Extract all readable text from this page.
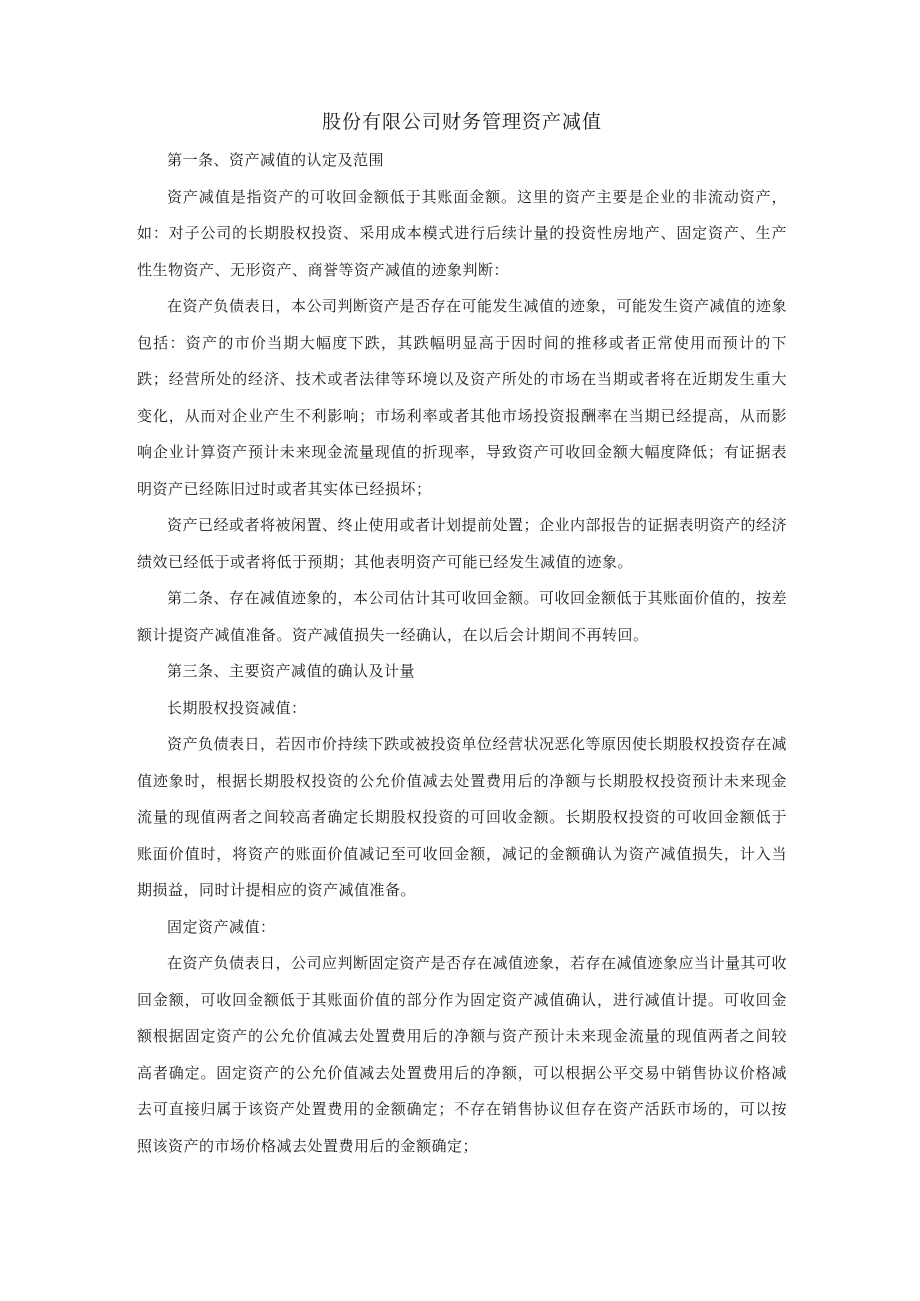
股份有限公司财务管理资产减值

第一条、资产减值的认定及范围

资产减值是指资产的可收回金额低于其账面金额。这里的资产主要是企业的非流动资产，如：对子公司的长期股权投资、采用成本模式进行后续计量的投资性房地产、固定资产、生产性生物资产、无形资产、商誉等资产减值的迹象判断：

在资产负债表日，本公司判断资产是否存在可能发生减值的迹象，可能发生资产减值的迹象包括：资产的市价当期大幅度下跌，其跌幅明显高于因时间的推移或者正常使用而预计的下跌；经营所处的经济、技术或者法律等环境以及资产所处的市场在当期或者将在近期发生重大变化，从而对企业产生不利影响；市场利率或者其他市场投资报酬率在当期已经提高，从而影响企业计算资产预计未来现金流量现值的折现率，导致资产可收回金额大幅度降低；有证据表明资产已经陈旧过时或者其实体已经损坏；

资产已经或者将被闲置、终止使用或者计划提前处置；企业内部报告的证据表明资产的经济绩效已经低于或者将低于预期；其他表明资产可能已经发生减值的迹象。

第二条、存在减值迹象的，本公司估计其可收回金额。可收回金额低于其账面价值的，按差额计提资产减值准备。资产减值损失一经确认，在以后会计期间不再转回。

第三条、主要资产减值的确认及计量

长期股权投资减值：

资产负债表日，若因市价持续下跌或被投资单位经营状况恶化等原因使长期股权投资存在减值迹象时，根据长期股权投资的公允价值减去处置费用后的净额与长期股权投资预计未来现金流量的现值两者之间较高者确定长期股权投资的可回收金额。长期股权投资的可收回金额低于账面价值时，将资产的账面价值减记至可收回金额，减记的金额确认为资产减值损失，计入当期损益，同时计提相应的资产减值准备。

固定资产减值：

在资产负债表日，公司应判断固定资产是否存在减值迹象，若存在减值迹象应当计量其可收回金额，可收回金额低于其账面价值的部分作为固定资产减值确认，进行减值计提。可收回金额根据固定资产的公允价值减去处置费用后的净额与资产预计未来现金流量的现值两者之间较高者确定。固定资产的公允价值减去处置费用后的净额，可以根据公平交易中销售协议价格减去可直接归属于该资产处置费用的金额确定；不存在销售协议但存在资产活跃市场的，可以按照该资产的市场价格减去处置费用后的金额确定；
